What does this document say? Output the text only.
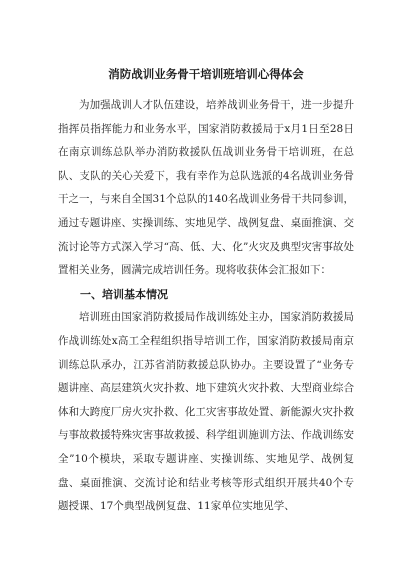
消防战训业务骨干培训班培训心得体会

为加强战训人才队伍建设，培养战训业务骨干，进一步提升指挥员指挥能力和业务水平，国家消防救援局于x月1日至28日在南京训练总队举办消防救援队伍战训业务骨干培训班，在总队、支队的关心关爱下，我有幸作为总队选派的4名战训业务骨干之一，与来自全国31个总队的140名战训业务骨干共同参训，通过专题讲座、实操训练、实地见学、战例复盘、桌面推演、交流讨论等方式深入学习“高、低、大、化”火灾及典型灾害事故处置相关业务，圆满完成培训任务。现将收获体会汇报如下：

一、培训基本情况

培训班由国家消防救援局作战训练处主办，国家消防救援局作战训练处x高工全程组织指导培训工作，国家消防救援局南京训练总队承办，江苏省消防救援总队协办。主要设置了“业务专题讲座、高层建筑火灾扑救、地下建筑火灾扑救、大型商业综合体和大跨度厂房火灾扑救、化工灾害事故处置、新能源火灾扑救与事故救援特殊灾害事故救援、科学组训施训方法、作战训练安全”10个模块，采取专题讲座、实操训练、实地见学、战例复盘、桌面推演、交流讨论和结业考核等形式组织开展共40个专题授课、17个典型战例复盘、11家单位实地见学、
